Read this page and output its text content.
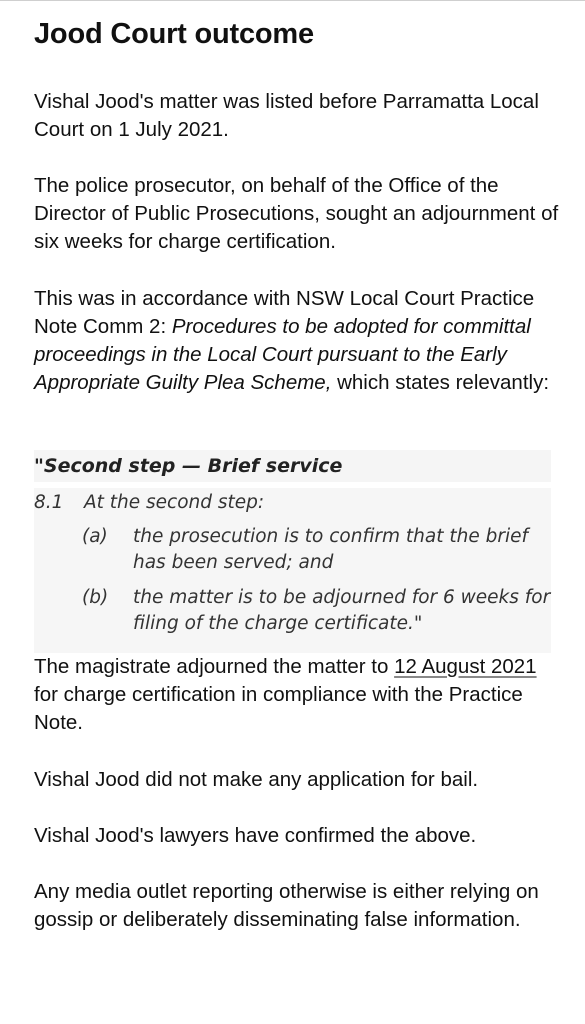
Jood Court outcome

Vishal Jood's matter was listed before Parramatta Local Court on 1 July 2021.

The police prosecutor, on behalf of the Office of the Director of Public Prosecutions, sought an adjournment of six weeks for charge certification.

This was in accordance with NSW Local Court Practice Note Comm 2: Procedures to be adopted for committal proceedings in the Local Court pursuant to the Early Appropriate Guilty Plea Scheme, which states relevantly:

"Second step — Brief service
8.1 At the second step:
(a) the prosecution is to confirm that the brief has been served; and
(b) the matter is to be adjourned for 6 weeks for filing of the charge certificate."

The magistrate adjourned the matter to 12 August 2021 for charge certification in compliance with the Practice Note.

Vishal Jood did not make any application for bail.

Vishal Jood's lawyers have confirmed the above.

Any media outlet reporting otherwise is either relying on gossip or deliberately disseminating false information.
